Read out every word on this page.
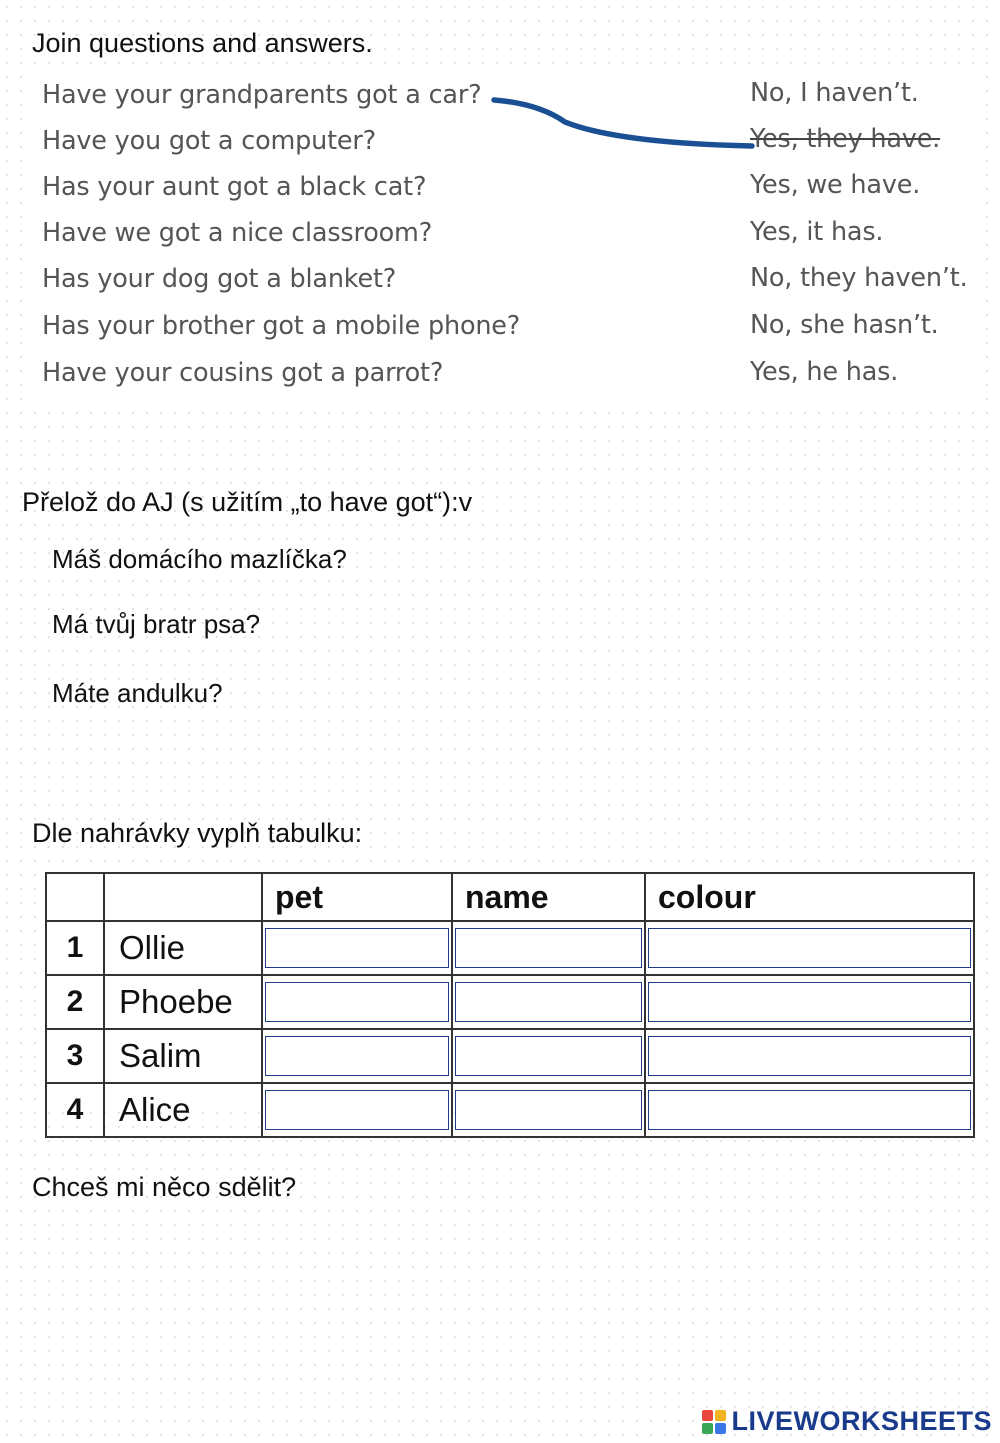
Join questions and answers.
Have your grandparents got a car?
Have you got a computer?
Has your aunt got a black cat?
Have we got a nice classroom?
Has your dog got a blanket?
Has your brother got a mobile phone?
Have your cousins got a parrot?
No, I haven’t.
Yes, they have.
Yes, we have.
Yes, it has.
No, they haven’t.
No, she hasn’t.
Yes, he has.
Přelož do AJ (s užitím „to have got“):v
Máš domácího mazlíčka?
Má tvůj bratr psa?
Máte andulku?
Dle nahrávky vyplň tabulku:
		pet	name	colour
1	Ollie	

2	Phoebe	

3	Salim	

4	Alice	

Chceš mi něco sdělit?
LIVEWORKSHEETS
